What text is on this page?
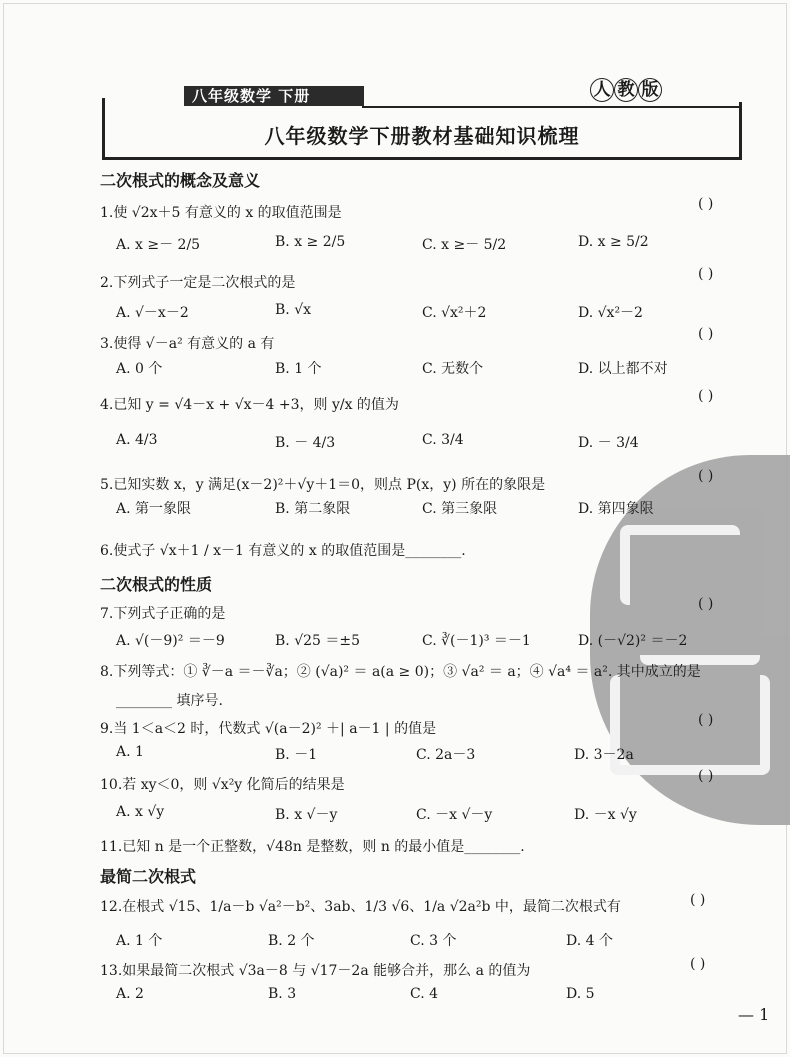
八年级数学 下册	人 教 版
八年级数学下册教材基础知识梳理
二次根式的概念及意义
1.使 √2x＋5 有意义的 x 的取值范围是
( )
A. x ≥－ 2/5	B. x ≥ 2/5	C. x ≥－ 5/2	D. x ≥ 5/2
2.下列式子一定是二次根式的是
( )
A. √－x－2	B. √x	C. √x²＋2	D. √x²－2
3.使得 √－a² 有意义的 a 有
( )
A. 0 个	B. 1 个	C. 无数个	D. 以上都不对
4.已知 y = √4－x + √x－4 +3，则 y/x 的值为
( )
A. 4/3	B. － 4/3	C. 3/4	D. － 3/4
5.已知实数 x，y 满足(x－2)²＋√y＋1＝0，则点 P(x，y) 所在的象限是
( )
A. 第一象限	B. 第二象限	C. 第三象限	D. 第四象限
6.使式子 √x＋1 / x－1 有意义的 x 的取值范围是________.
二次根式的性质
7.下列式子正确的是
( )
A. √(－9)² ＝－9	B. √25 ＝±5	C. ∛(－1)³ ＝－1	D. (－√2)² ＝－2
8.下列等式：① ∛－a ＝－∛a；② (√a)² ＝ a(a ≥ 0)；③ √a² ＝ a；④ √a⁴ ＝ a². 其中成立的是
________ 填序号.
9.当 1＜a＜2 时，代数式 √(a－2)² ＋| a－1 | 的值是
( )
A. 1	B. －1	C. 2a－3	D. 3－2a
10.若 xy＜0，则 √x²y 化简后的结果是
( )
A. x √y	B. x √－y	C. －x √－y	D. －x √y
11.已知 n 是一个正整数，√48n 是整数，则 n 的最小值是________.
最简二次根式
12.在根式 √15、1/a－b √a²－b²、3ab、1/3 √6、1/a √2a²b 中，最简二次根式有	( )
A. 1 个	B. 2 个	C. 3 个	D. 4 个
13.如果最简二次根式 √3a－8 与 √17－2a 能够合并，那么 a 的值为	( )
A. 2	B. 3	C. 4	D. 5
— 1
